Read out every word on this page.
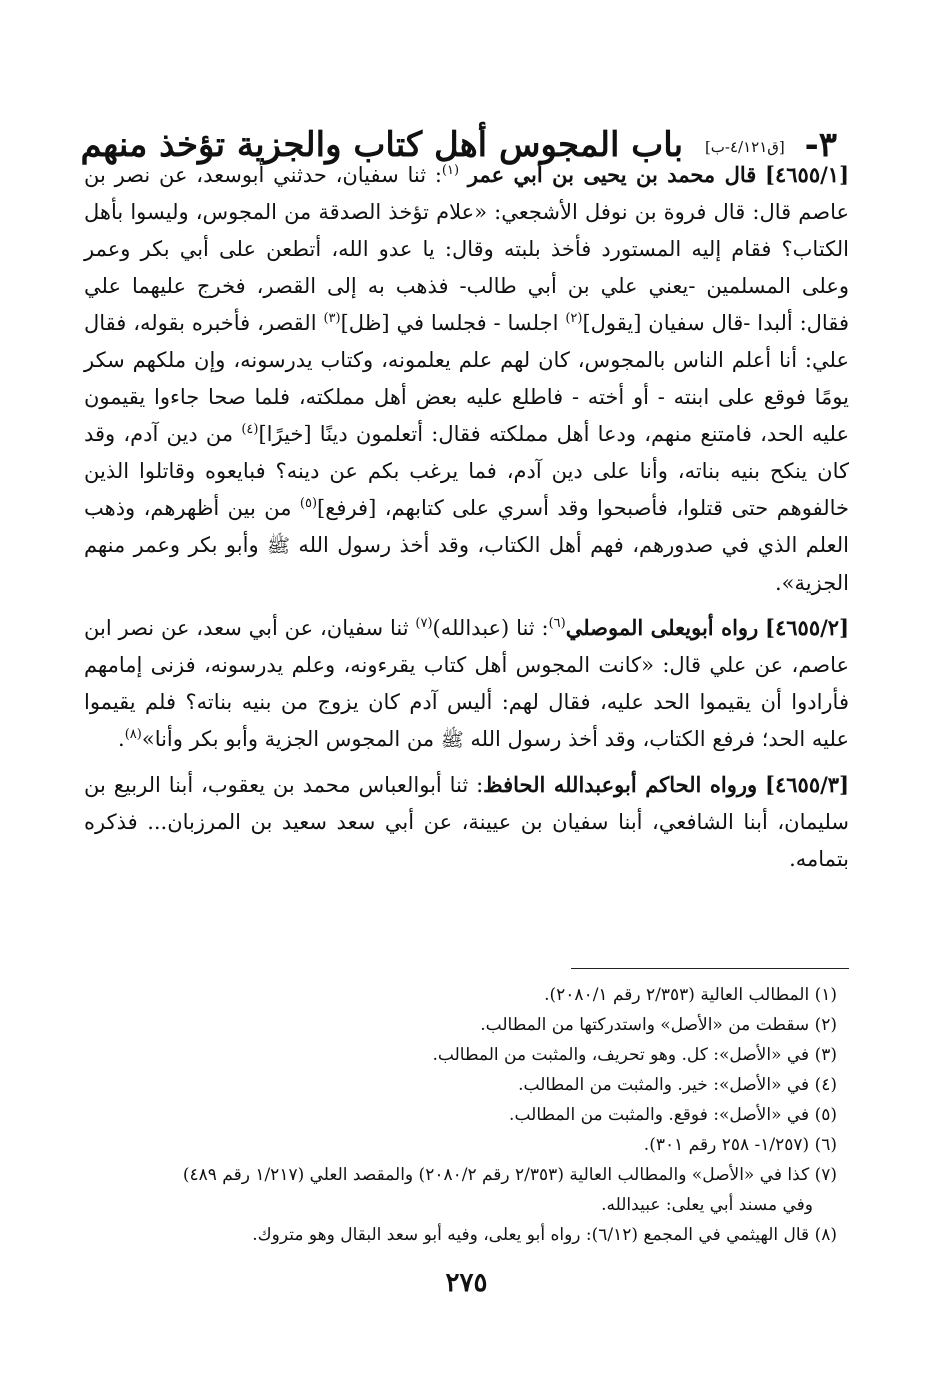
٣- [ق٤/١٢١-ب] باب المجوس أهل كتاب والجزية تؤخذ منهم

[٤٦٥٥/١] قال محمد بن يحيى بن أبي عمر $^{(١)}$: ثنا سفيان، حدثني أبوسعد، عن نصر بن عاصم قال: قال فروة بن نوفل الأشجعي: «علام تؤخذ الصدقة من المجوس، وليسوا بأهل الكتاب؟ فقام إليه المستورد فأخذ بلبته وقال: يا عدو الله، أتطعن على أبي بكر وعمر وعلى المسلمين -يعني علي بن أبي طالب- فذهب به إلى القصر، فخرج عليهما علي فقال: ألبدا -قال سفيان [يقول]$^{(٢)}$ اجلسا - فجلسا في [ظل]$^{(٣)}$ القصر، فأخبره بقوله، فقال علي: أنا أعلم الناس بالمجوس، كان لهم علم يعلمونه، وكتاب يدرسونه، وإن ملكهم سكر يومًا فوقع على ابنته - أو أخته - فاطلع عليه بعض أهل مملكته، فلما صحا جاءوا يقيمون عليه الحد، فامتنع منهم، ودعا أهل مملكته فقال: أتعلمون دينًا [خيرًا]$^{(٤)}$ من دين آدم، وقد كان ينكح بنيه بناته، وأنا على دين آدم، فما يرغب بكم عن دينه؟ فبايعوه وقاتلوا الذين خالفوهم حتى قتلوا، فأصبحوا وقد أسري على كتابهم، [فرفع]$^{(٥)}$ من بين أظهرهم، وذهب العلم الذي في صدورهم، فهم أهل الكتاب، وقد أخذ رسول الله ﷺ وأبو بكر وعمر منهم الجزية».

[٤٦٥٥/٢] رواه أبويعلى الموصلي$^{(٦)}$: ثنا (عبدالله)$^{(٧)}$ ثنا سفيان، عن أبي سعد، عن نصر ابن عاصم، عن علي قال: «كانت المجوس أهل كتاب يقرءونه، وعلم يدرسونه، فزنى إمامهم فأرادوا أن يقيموا الحد عليه، فقال لهم: أليس آدم كان يزوج من بنيه بناته؟ فلم يقيموا عليه الحد؛ فرفع الكتاب، وقد أخذ رسول الله ﷺ من المجوس الجزية وأبو بكر وأنا»$^{(٨)}$.

[٤٦٥٥/٣] ورواه الحاكم أبوعبدالله الحافظ: ثنا أبوالعباس محمد بن يعقوب، أبنا الربيع بن سليمان، أبنا الشافعي، أبنا سفيان بن عيينة، عن أبي سعد سعيد بن المرزبان... فذكره بتمامه.

(١) المطالب العالية (٢/٣٥٣ رقم ٢٠٨٠/١).

(٢) سقطت من «الأصل» واستدركتها من المطالب.

(٣) في «الأصل»: كل. وهو تحريف، والمثبت من المطالب.

(٤) في «الأصل»: خير. والمثبت من المطالب.

(٥) في «الأصل»: فوقع. والمثبت من المطالب.

(٦) (١/٢٥٧- ٢٥٨ رقم ٣٠١).

(٧) كذا في «الأصل» والمطالب العالية (٢/٣٥٣ رقم ٢٠٨٠/٢) والمقصد العلي (١/٢١٧ رقم ٤٨٩)

وفي مسند أبي يعلى: عبيدالله.

(٨) قال الهيثمي في المجمع (٦/١٢): رواه أبو يعلى، وفيه أبو سعد البقال وهو متروك.

٢٧٥
